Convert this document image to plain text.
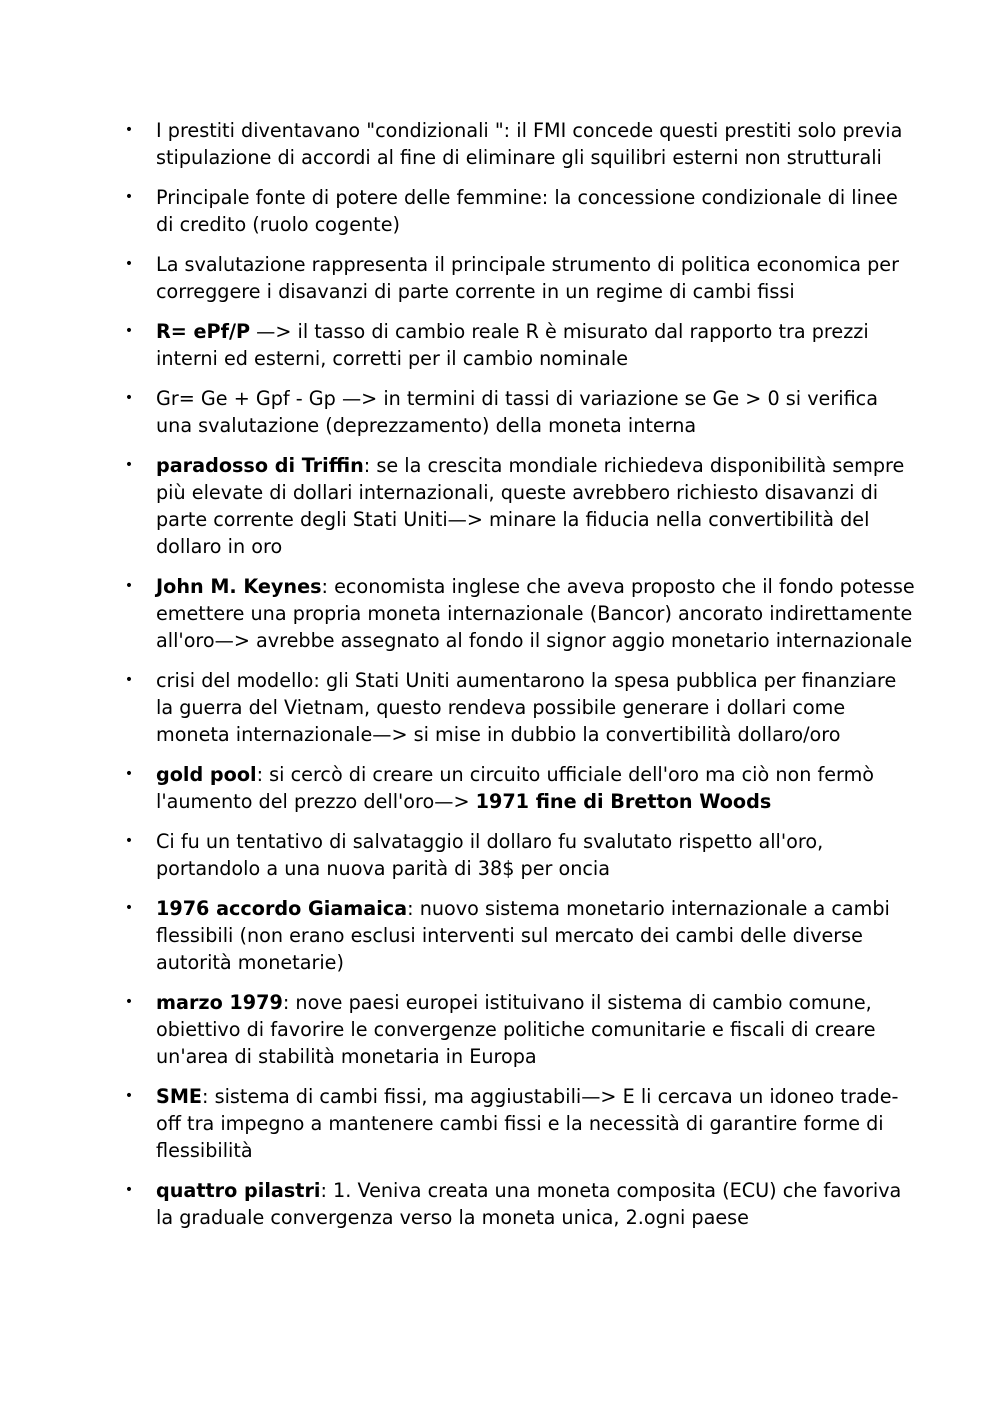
• I prestiti diventavano "condizionali ": il FMI concede questi prestiti solo previa stipulazione di accordi al fine di eliminare gli squilibri esterni non strutturali
• Principale fonte di potere delle femmine: la concessione condizionale di linee di credito (ruolo cogente)
• La svalutazione rappresenta il principale strumento di politica economica per correggere i disavanzi di parte corrente in un regime di cambi fissi
• R= ePf/P —> il tasso di cambio reale R è misurato dal rapporto tra prezzi interni ed esterni, corretti per il cambio nominale
• Gr= Ge + Gpf - Gp —> in termini di tassi di variazione se Ge > 0 si verifica una svalutazione (deprezzamento) della moneta interna
• paradosso di Triffin: se la crescita mondiale richiedeva disponibilità sempre più elevate di dollari internazionali, queste avrebbero richiesto disavanzi di parte corrente degli Stati Uniti—> minare la fiducia nella convertibilità del dollaro in oro
• John M. Keynes: economista inglese che aveva proposto che il fondo potesse emettere una propria moneta internazionale (Bancor) ancorato indirettamente all'oro—> avrebbe assegnato al fondo il signor aggio monetario internazionale
• crisi del modello: gli Stati Uniti aumentarono la spesa pubblica per finanziare la guerra del Vietnam, questo rendeva possibile generare i dollari come moneta internazionale—> si mise in dubbio la convertibilità dollaro/oro
• gold pool: si cercò di creare un circuito ufficiale dell'oro ma ciò non fermò l'aumento del prezzo dell'oro—> 1971 fine di Bretton Woods
• Ci fu un tentativo di salvataggio il dollaro fu svalutato rispetto all'oro, portandolo a una nuova parità di 38$ per oncia
• 1976 accordo Giamaica: nuovo sistema monetario internazionale a cambi flessibili (non erano esclusi interventi sul mercato dei cambi delle diverse autorità monetarie)
• marzo 1979: nove paesi europei istituivano il sistema di cambio comune, obiettivo di favorire le convergenze politiche comunitarie e fiscali di creare un'area di stabilità monetaria in Europa
• SME: sistema di cambi fissi, ma aggiustabili—> E li cercava un idoneo trade-off tra impegno a mantenere cambi fissi e la necessità di garantire forme di flessibilità
• quattro pilastri: 1. Veniva creata una moneta composita (ECU) che favoriva la graduale convergenza verso la moneta unica, 2.ogni paese
